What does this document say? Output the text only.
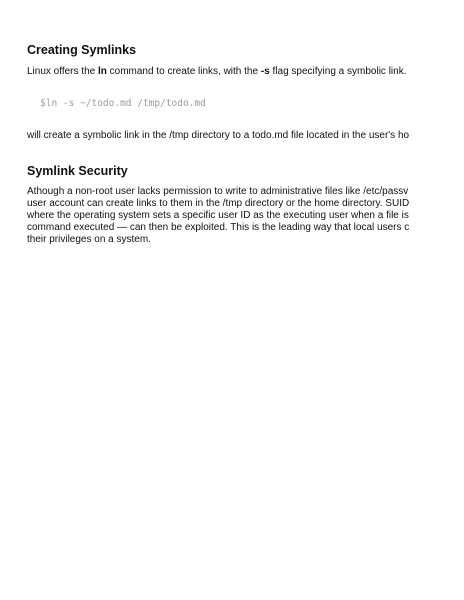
Creating Symlinks
Linux offers the ln command to create links, with the -s flag specifying a symbolic link.
$ln -s ~/todo.md /tmp/todo.md
will create a symbolic link in the /tmp directory to a todo.md file located in the user's ho
Symlink Security
Athough a non-root user lacks permission to write to administrative files like /etc/passv
user account can create links to them in the /tmp directory or the home directory. SUID
where the operating system sets a specific user ID as the executing user when a file is
command executed — can then be exploited. This is the leading way that local users c
their privileges on a system.
